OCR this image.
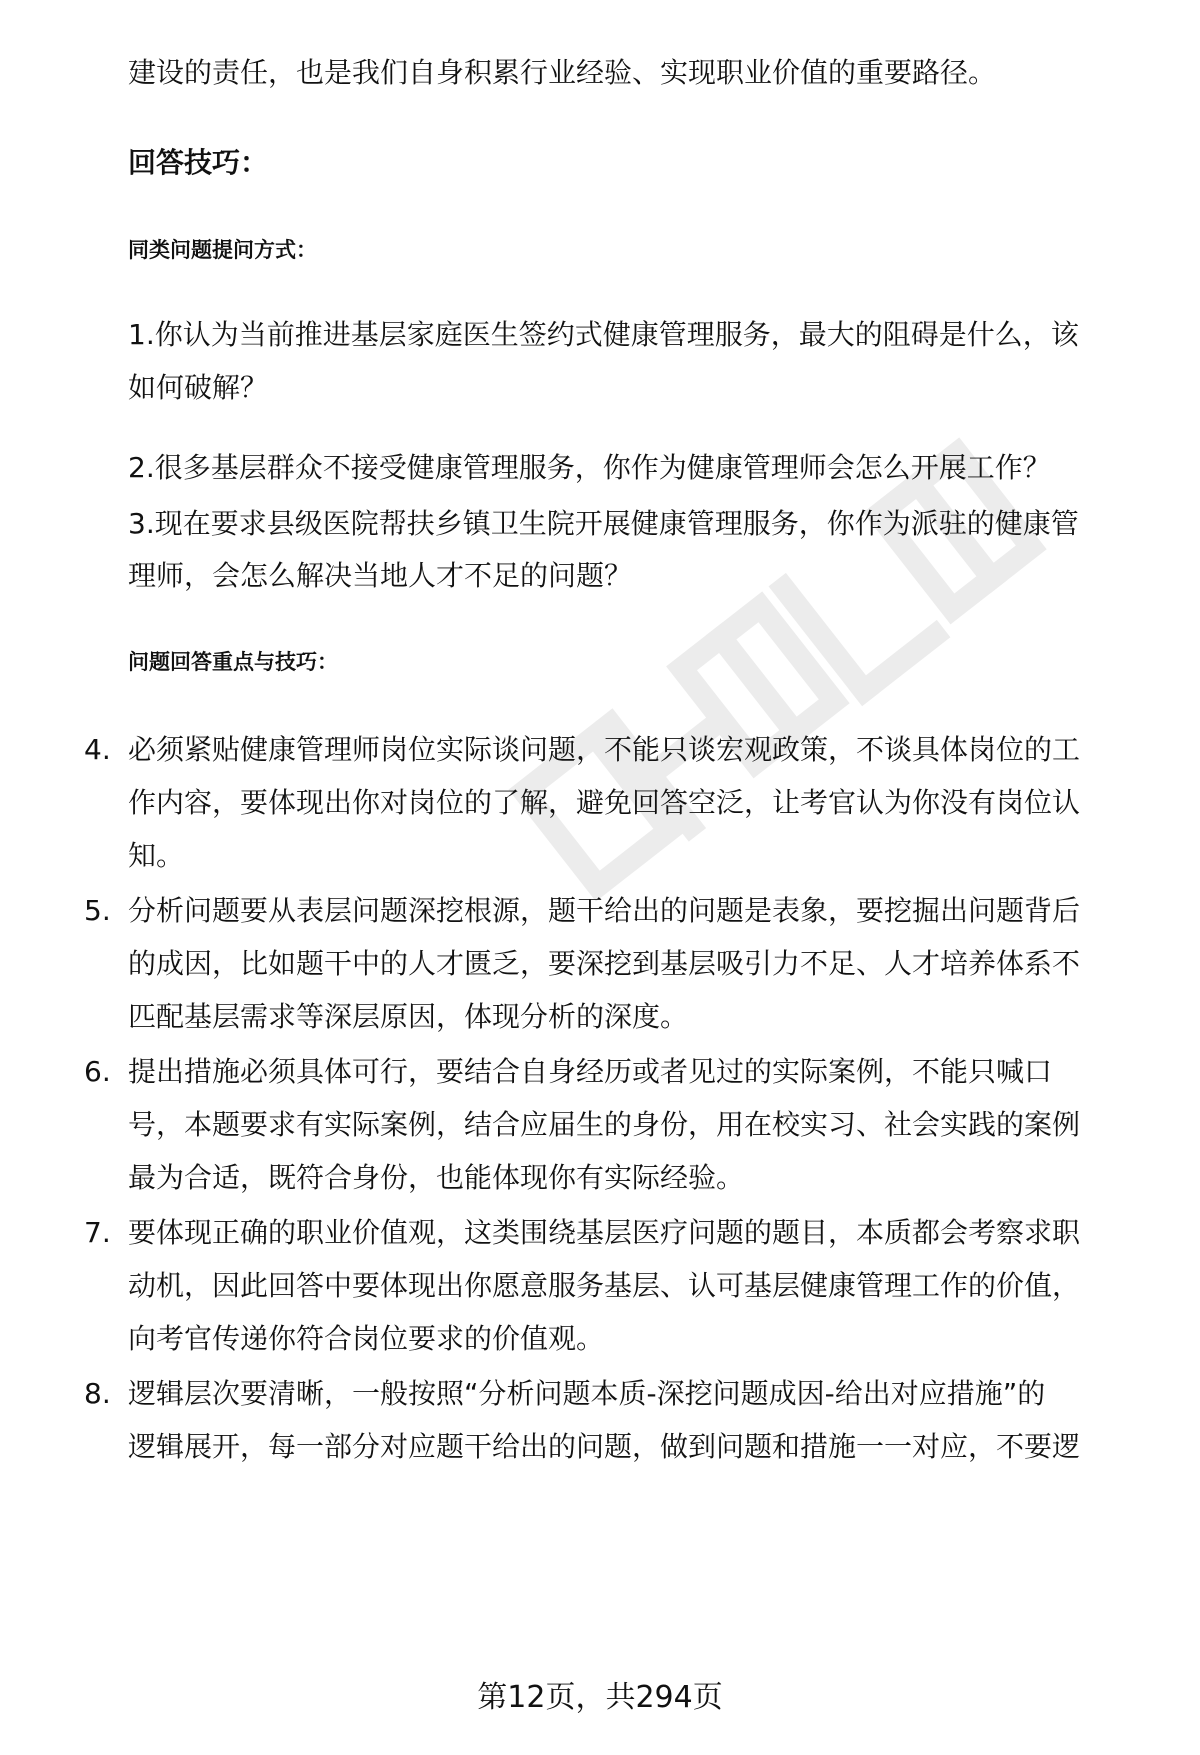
建设的责任，也是我们自身积累行业经验、实现职业价值的重要路径。
回答技巧：
同类问题提问方式：
1.你认为当前推进基层家庭医生签约式健康管理服务，最大的阻碍是什么，该
如何破解？
2.很多基层群众不接受健康管理服务，你作为健康管理师会怎么开展工作？
3.现在要求县级医院帮扶乡镇卫生院开展健康管理服务，你作为派驻的健康管
理师，会怎么解决当地人才不足的问题？
问题回答重点与技巧：
4. 必须紧贴健康管理师岗位实际谈问题，不能只谈宏观政策，不谈具体岗位的工
作内容，要体现出你对岗位的了解，避免回答空泛，让考官认为你没有岗位认
知。
5. 分析问题要从表层问题深挖根源，题干给出的问题是表象，要挖掘出问题背后
的成因，比如题干中的人才匮乏，要深挖到基层吸引力不足、人才培养体系不
匹配基层需求等深层原因，体现分析的深度。
6. 提出措施必须具体可行，要结合自身经历或者见过的实际案例，不能只喊口
号，本题要求有实际案例，结合应届生的身份，用在校实习、社会实践的案例
最为合适，既符合身份，也能体现你有实际经验。
7. 要体现正确的职业价值观，这类围绕基层医疗问题的题目，本质都会考察求职
动机，因此回答中要体现出你愿意服务基层、认可基层健康管理工作的价值，
向考官传递你符合岗位要求的价值观。
8. 逻辑层次要清晰，一般按照“分析问题本质-深挖问题成因-给出对应措施”的
逻辑展开，每一部分对应题干给出的问题，做到问题和措施一一对应，不要逻
第12页，共294页
